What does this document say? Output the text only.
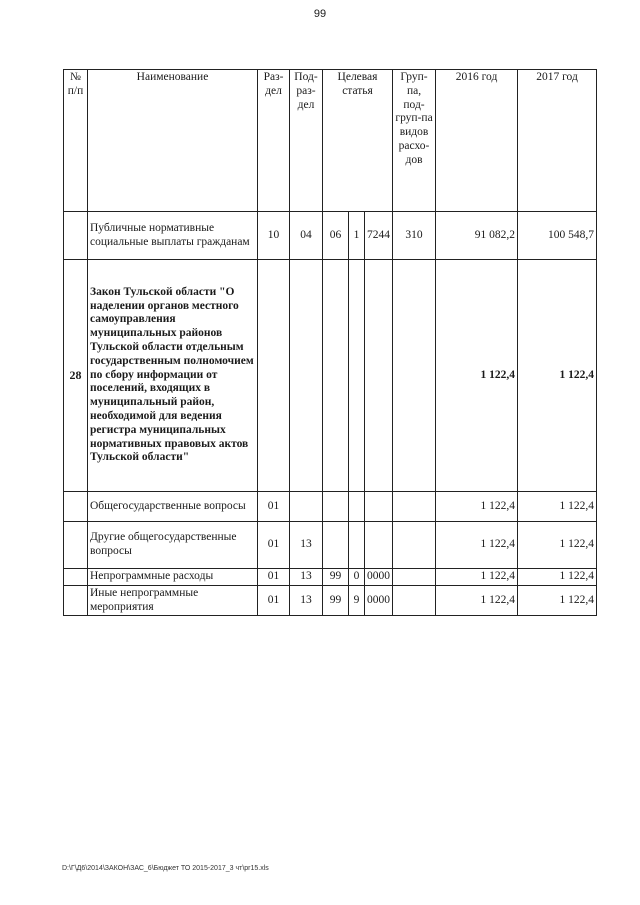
99
№ п/п	Наименование	Раз-дел	Под-раз-дел	Целевая статья			Груп-па, под-груп-па видов расхо-дов	2016 год	2017 год
	Публичные нормативные социальные выплаты гражданам	10	04	06	1	7244	310	91 082,2	100 548,7
28	Закон Тульской области "О наделении органов местного самоуправления муниципальных районов Тульской области отдельным государственным полномочием по сбору информации от поселений, входящих в муниципальный район, необходимой для ведения регистра муниципальных нормативных правовых актов Тульской области"							1 122,4	1 122,4
	Общегосударственные вопросы	01						1 122,4	1 122,4
	Другие общегосударственные вопросы	01	13					1 122,4	1 122,4
	Непрограммные расходы	01	13	99	0	0000		1 122,4	1 122,4
	Иные непрограммные мероприятия	01	13	99	9	0000		1 122,4	1 122,4
D:\Г\Д6\2014\ЗАКОН\ЗАС_6\Бюджет ТО 2015-2017_3 чт\pr15.xls
